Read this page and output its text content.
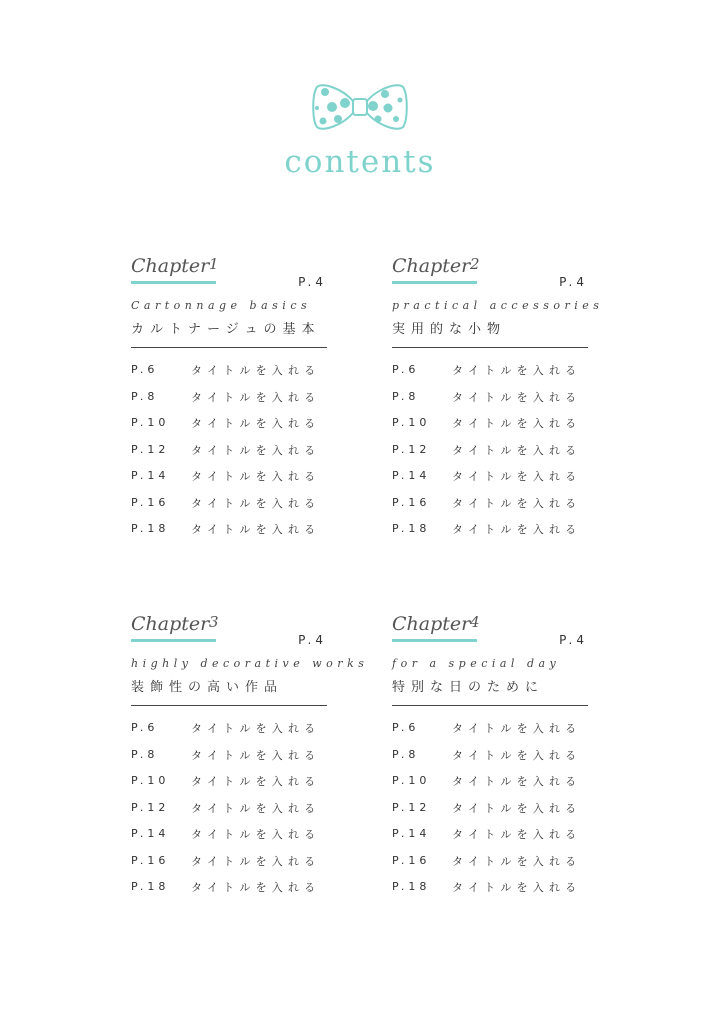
contents
Chapter 1
P.4
Cartonnage basics
カルトナージュの基本
P.6	タイトルを入れる
P.8	タイトルを入れる
P.10 タイトルを入れる
P.12 タイトルを入れる
P.14 タイトルを入れる
P.16 タイトルを入れる
P.18 タイトルを入れる
Chapter 2
P.4
practical accessories
実用的な小物
P.6	タイトルを入れる
P.8	タイトルを入れる
P.10 タイトルを入れる
P.12 タイトルを入れる
P.14 タイトルを入れる
P.16 タイトルを入れる
P.18 タイトルを入れる
Chapter 3
P.4
highly decorative works
装飾性の高い作品
P.6	タイトルを入れる
P.8	タイトルを入れる
P.10 タイトルを入れる
P.12 タイトルを入れる
P.14 タイトルを入れる
P.16 タイトルを入れる
P.18 タイトルを入れる
Chapter 4
P.4
for a special day
特別な日のために
P.6	タイトルを入れる
P.8	タイトルを入れる
P.10 タイトルを入れる
P.12 タイトルを入れる
P.14 タイトルを入れる
P.16 タイトルを入れる
P.18 タイトルを入れる
